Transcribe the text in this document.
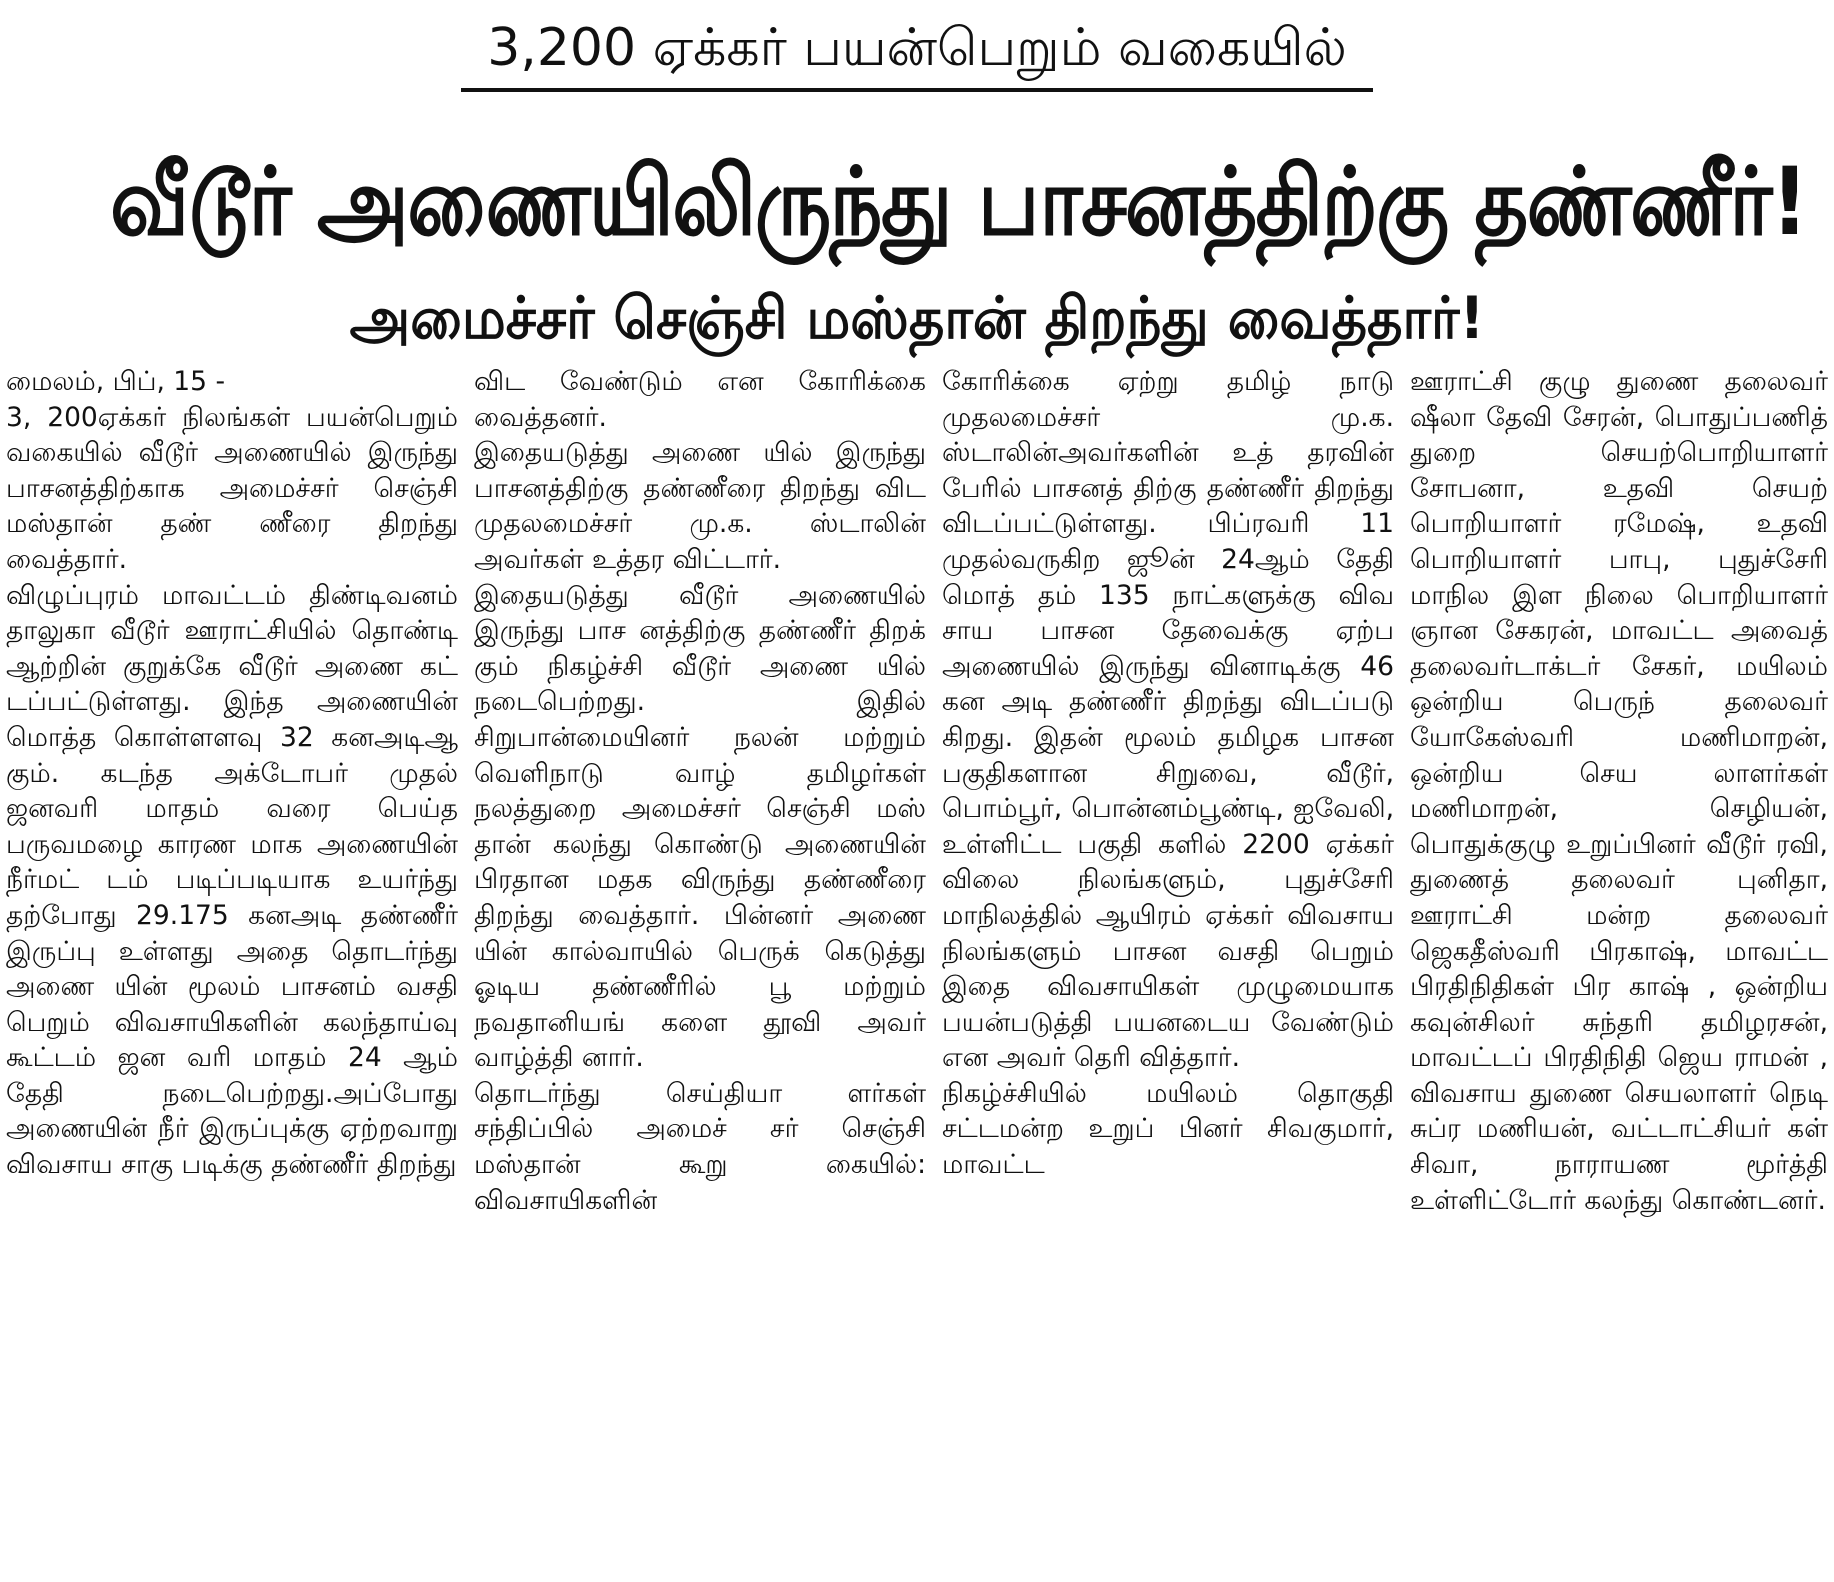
3,200 ஏக்கர் பயன்பெறும் வகையில்
வீடூர் அணையிலிருந்து பாசனத்திற்கு தண்ணீர்!
அமைச்சர் செஞ்சி மஸ்தான் திறந்து வைத்தார்!
மைலம், பிப், 15 -
3, 200ஏக்கர் நிலங்கள் பயன்பெறும் வகையில் வீடூர் அணையில் இருந்து பாசனத்திற்காக அமைச்சர் செஞ்சி மஸ்தான் தண் ணீரை திறந்து வைத்தார்.
விழுப்புரம் மாவட்டம் திண்டிவனம் தாலுகா வீடூர் ஊராட்சியில் தொண்டி ஆற்றின் குறுக்கே வீடூர் அணை கட் டப்பட்டுள்ளது. இந்த அணையின் மொத்த கொள்ளளவு 32 கனஅடிஆ கும். கடந்த அக்டோபர் முதல் ஜனவரி மாதம் வரை பெய்த பருவமழை காரண மாக அணையின் நீர்மட் டம் படிப்படியாக உயர்ந்து தற்போது 29.175 கனஅடி தண்ணீர் இருப்பு உள்ளது அதை தொடர்ந்து அணை யின் மூலம் பாசனம் வசதி பெறும் விவசாயிகளின் கலந்தாய்வு கூட்டம் ஜன வரி மாதம் 24 ஆம் தேதி நடைபெற்றது.அப்போது அணையின் நீர் இருப்புக்கு ஏற்றவாறு விவசாய சாகு படிக்கு தண்ணீர் திறந்து
விட வேண்டும் என கோரிக்கை வைத்தனர்.
இதையடுத்து அணை யில் இருந்து பாசனத்திற்கு தண்ணீரை திறந்து விட முதலமைச்சர் மு.க. ஸ்டாலின் அவர்கள் உத்தர விட்டார்.
இதையடுத்து வீடூர் அணையில் இருந்து பாச னத்திற்கு தண்ணீர் திறக் கும் நிகழ்ச்சி வீடூர் அணை யில் நடைபெற்றது. இதில் சிறுபான்மையினர் நலன் மற்றும் வெளிநாடு வாழ் தமிழர்கள் நலத்துறை அமைச்சர் செஞ்சி மஸ் தான் கலந்து கொண்டு அணையின் பிரதான மதக விருந்து தண்ணீரை திறந்து வைத்தார். பின்னர் அணை யின் கால்வாயில் பெருக் கெடுத்து ஓடிய தண்ணீரில் பூ மற்றும் நவதானியங் களை தூவி அவர் வாழ்த்தி னார்.
தொடர்ந்து செய்தியா ளர்கள் சந்திப்பில் அமைச் சர் செஞ்சி மஸ்தான் கூறு கையில்: விவசாயிகளின்
கோரிக்கை ஏற்று தமிழ் நாடு முதலமைச்சர் மு.க. ஸ்டாலின்அவர்களின் உத் தரவின் பேரில் பாசனத் திற்கு தண்ணீர் திறந்து விடப்பட்டுள்ளது. பிப்ரவரி 11 முதல்வருகிற ஜூன் 24ஆம் தேதி மொத் தம் 135 நாட்களுக்கு விவ சாய பாசன தேவைக்கு ஏற்ப அணையில் இருந்து வினாடிக்கு 46 கன அடி தண்ணீர் திறந்து விடப்படு கிறது. இதன் மூலம் தமிழக பாசன பகுதிகளான சிறுவை, வீடூர், பொம்பூர், பொன்னம்பூண்டி, ஐவேலி, உள்ளிட்ட பகுதி களில் 2200 ஏக்கர் விலை நிலங்களும், புதுச்சேரி மாநிலத்தில் ஆயிரம் ஏக்கர் விவசாய நிலங்களும் பாசன வசதி பெறும் இதை விவசாயிகள் முழுமையாக பயன்படுத்தி பயனடைய வேண்டும் என அவர் தெரி வித்தார்.
நிகழ்ச்சியில் மயிலம் தொகுதி சட்டமன்ற உறுப் பினர் சிவகுமார், மாவட்ட
ஊராட்சி குழு துணை தலைவர் ஷீலா தேவி சேரன், பொதுப்பணித் துறை செயற்பொறியாளர் சோபனா, உதவி செயற் பொறியாளர் ரமேஷ், உதவி பொறியாளர் பாபு, புதுச்சேரி மாநில இள நிலை பொறியாளர் ஞான சேகரன், மாவட்ட அவைத் தலைவர்டாக்டர் சேகர், மயிலம் ஒன்றிய பெருந் தலைவர் யோகேஸ்வரி மணிமாறன், ஒன்றிய செய லாளர்கள் மணிமாறன், செழியன், பொதுக்குழு உறுப்பினர் வீடூர் ரவி, துணைத் தலைவர் புனிதா, ஊராட்சி மன்ற தலைவர் ஜெகதீஸ்வரி பிரகாஷ், மாவட்ட பிரதிநிதிகள் பிர காஷ் , ஒன்றிய கவுன்சிலர் சுந்தரி தமிழரசன், மாவட்டப் பிரதிநிதி ஜெய ராமன் , விவசாய துணை செயலாளர் நெடி சுப்ர மணியன், வட்டாட்சியர் கள் சிவா, நாராயண மூர்த்தி உள்ளிட்டோர் கலந்து கொண்டனர்.
